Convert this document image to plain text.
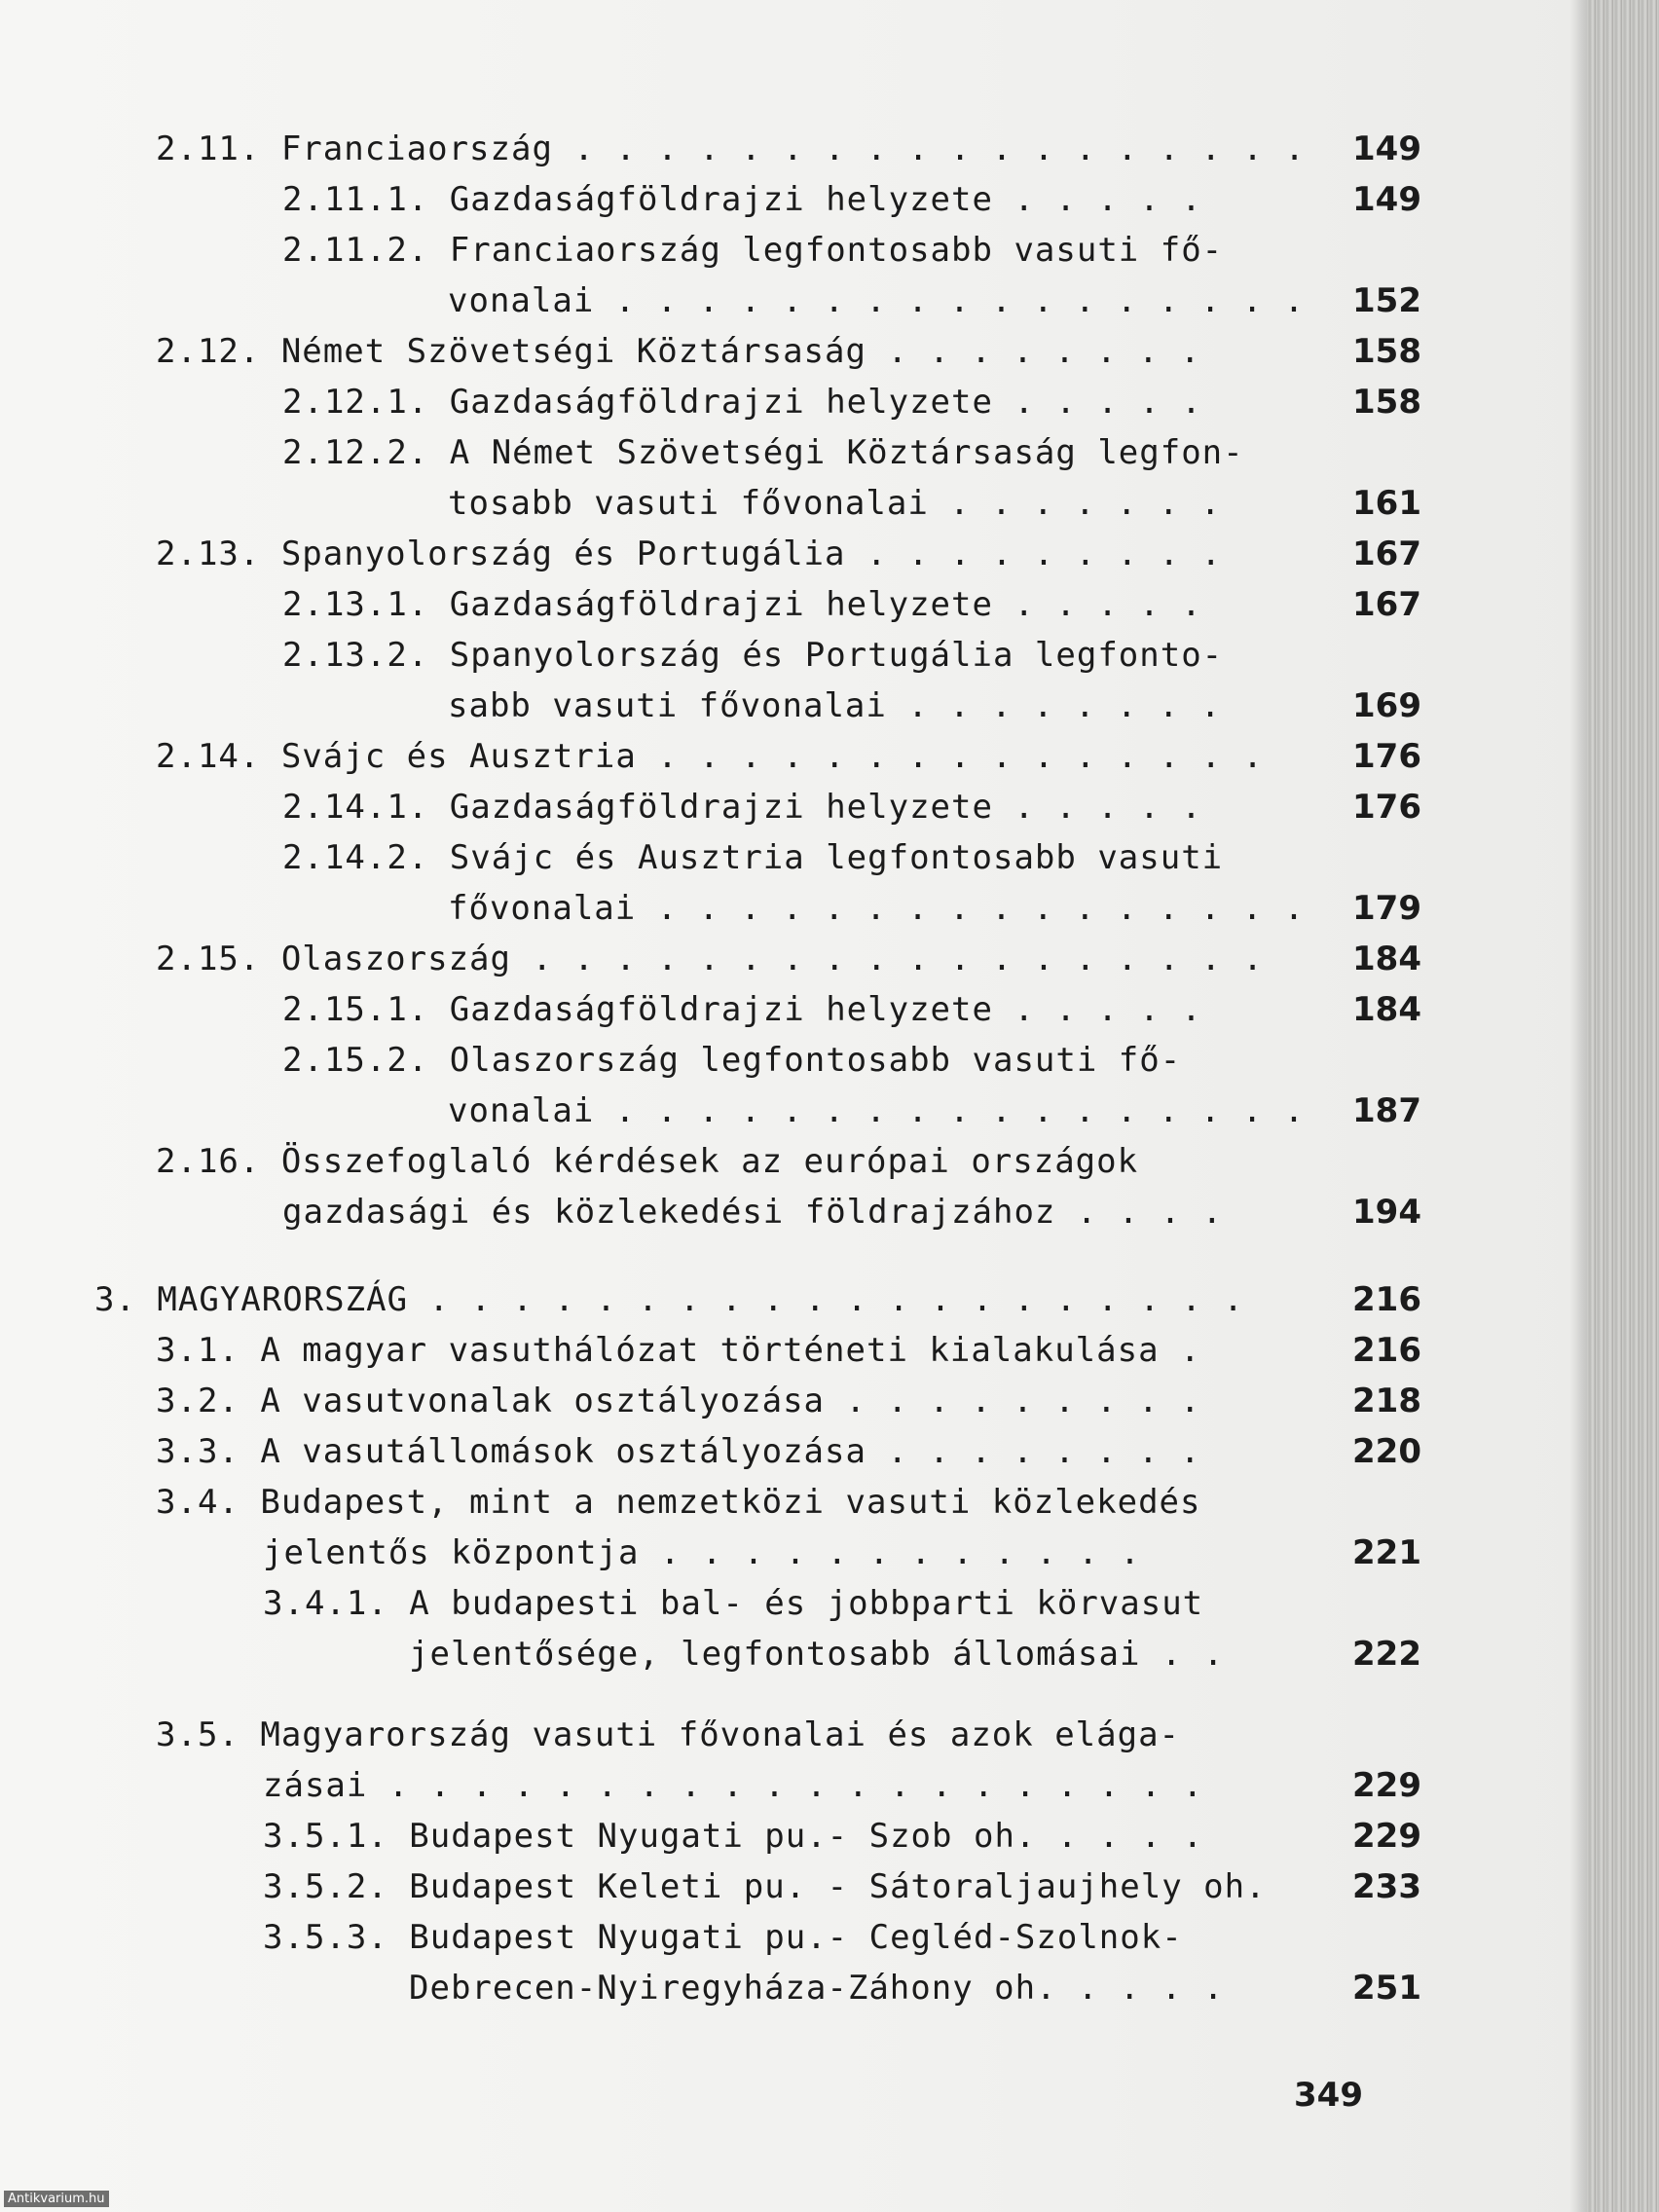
2.11. Franciaország . . . . . . . . . . . . . . . . . .	149
2.11.1. Gazdaságföldrajzi helyzete . . . . .	149
2.11.2. Franciaország legfontosabb vasuti fő-
vonalai . . . . . . . . . . . . . . . . .	152
2.12. Német Szövetségi Köztársaság . . . . . . . .	158
2.12.1. Gazdaságföldrajzi helyzete . . . . .	158
2.12.2. A Német Szövetségi Köztársaság legfon-
tosabb vasuti fővonalai . . . . . . .	161
2.13. Spanyolország és Portugália . . . . . . . . .	167
2.13.1. Gazdaságföldrajzi helyzete . . . . .	167
2.13.2. Spanyolország és Portugália legfonto-
sabb vasuti fővonalai . . . . . . . .	169
2.14. Svájc és Ausztria . . . . . . . . . . . . . . .	176
2.14.1. Gazdaságföldrajzi helyzete . . . . .	176
2.14.2. Svájc és Ausztria legfontosabb vasuti
fővonalai . . . . . . . . . . . . . . . .	179
2.15. Olaszország . . . . . . . . . . . . . . . . . .	184
2.15.1. Gazdaságföldrajzi helyzete . . . . .	184
2.15.2. Olaszország legfontosabb vasuti fő-
vonalai . . . . . . . . . . . . . . . . .	187
2.16. Összefoglaló kérdések az európai országok
gazdasági és közlekedési földrajzához . . . .	194
3. MAGYARORSZÁG . . . . . . . . . . . . . . . . . . . .	216
3.1. A magyar vasuthálózat történeti kialakulása .	216
3.2. A vasutvonalak osztályozása . . . . . . . . .	218
3.3. A vasutállomások osztályozása . . . . . . . .	220
3.4. Budapest, mint a nemzetközi vasuti közlekedés
jelentős központja . . . . . . . . . . . .	221
3.4.1. A budapesti bal- és jobbparti körvasut
jelentősége, legfontosabb állomásai . .	222
3.5. Magyarország vasuti fővonalai és azok elága-
zásai . . . . . . . . . . . . . . . . . . . .	229
3.5.1. Budapest Nyugati pu.- Szob oh. . . . .	229
3.5.2. Budapest Keleti pu. - Sátoraljaujhely oh.	233
3.5.3. Budapest Nyugati pu.- Cegléd-Szolnok-
Debrecen-Nyiregyháza-Záhony oh. . . . .	251
349
Antikvarium.hu
